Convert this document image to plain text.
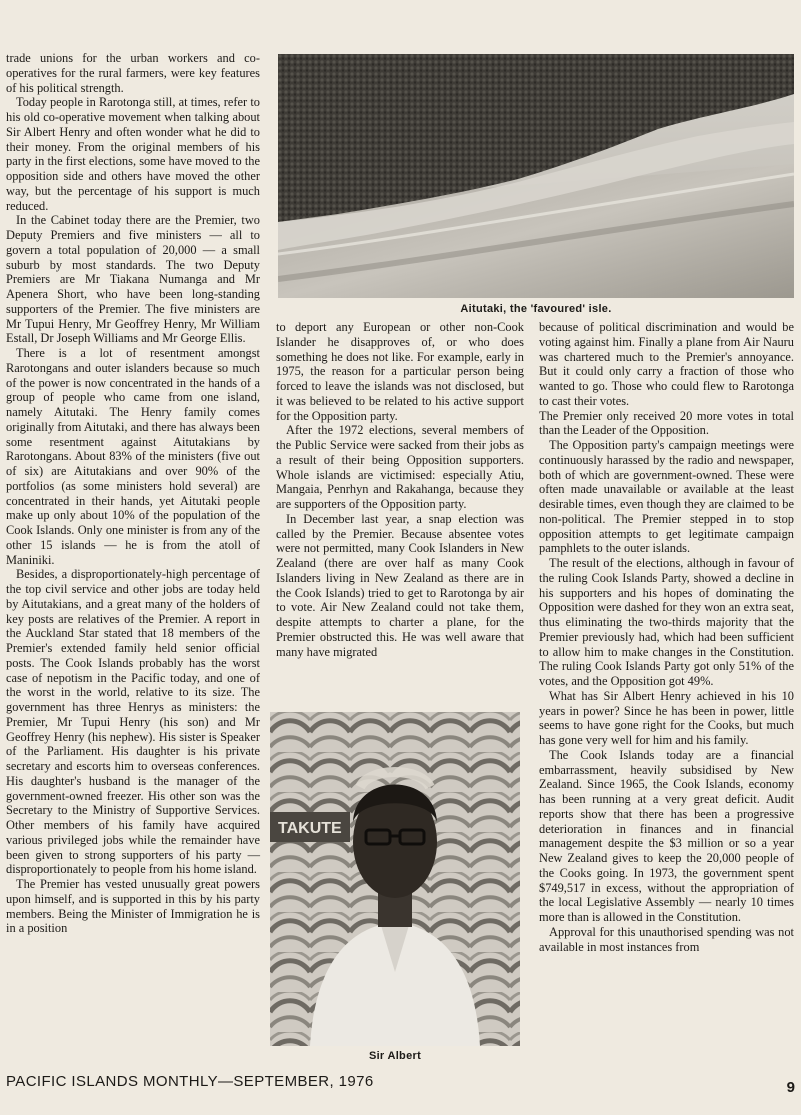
trade unions for the urban workers and co-operatives for the rural farmers, were key features of his political strength.

Today people in Rarotonga still, at times, refer to his old co-operative movement when talking about Sir Albert Henry and often wonder what he did to their money. From the original members of his party in the first elections, some have moved to the opposition side and others have moved the other way, but the percentage of his support is much reduced.

In the Cabinet today there are the Premier, two Deputy Premiers and five ministers — all to govern a total population of 20,000 — a small suburb by most standards. The two Deputy Premiers are Mr Tiakana Numanga and Mr Apenera Short, who have been long-standing supporters of the Premier. The five ministers are Mr Tupui Henry, Mr Geoffrey Henry, Mr William Estall, Dr Joseph Williams and Mr George Ellis.

There is a lot of resentment amongst Rarotongans and outer islanders because so much of the power is now concentrated in the hands of a group of people who came from one island, namely Aitutaki. The Henry family comes originally from Aitutaki, and there has always been some resentment against Aitutakians by Rarotongans. About 83% of the ministers (five out of six) are Aitutakians and over 90% of the portfolios (as some ministers hold several) are concentrated in their hands, yet Aitutaki people make up only about 10% of the population of the Cook Islands. Only one minister is from any of the other 15 islands — he is from the atoll of Maniniki.

Besides, a disproportionately-high percentage of the top civil service and other jobs are today held by Aitutakians, and a great many of the holders of key posts are relatives of the Premier. A report in the Auckland Star stated that 18 members of the Premier's extended family held senior official posts. The Cook Islands probably has the worst case of nepotism in the Pacific today, and one of the worst in the world, relative to its size. The government has three Henrys as ministers: the Premier, Mr Tupui Henry (his son) and Mr Geoffrey Henry (his nephew). His sister is Speaker of the Parliament. His daughter is his private secretary and escorts him to overseas conferences. His daughter's husband is the manager of the government-owned freezer. His other son was the Secretary to the Ministry of Supportive Services. Other members of his family have acquired various privileged jobs while the remainder have been given to strong supporters of his party — disproportionately to people from his home island.

The Premier has vested unusually great powers upon himself, and is supported in this by his party members. Being the Minister of Immigration he is in a position

Aitutaki, the 'favoured' isle.

to deport any European or other non-Cook Islander he disapproves of, or who does something he does not like. For example, early in 1975, the reason for a particular person being forced to leave the islands was not disclosed, but it was believed to be related to his active support for the Opposition party.

After the 1972 elections, several members of the Public Service were sacked from their jobs as a result of their being Opposition supporters. Whole islands are victimised: especially Atiu, Mangaia, Penrhyn and Rakahanga, because they are supporters of the Opposition party.

In December last year, a snap election was called by the Premier. Because absentee votes were not permitted, many Cook Islanders in New Zealand (there are over half as many Cook Islanders living in New Zealand as there are in the Cook Islands) tried to get to Rarotonga by air to vote. Air New Zealand could not take them, despite attempts to charter a plane, for the Premier obstructed this. He was well aware that many have migrated

TAKUTE
Sir Albert

because of political discrimination and would be voting against him. Finally a plane from Air Nauru was chartered much to the Premier's annoyance. But it could only carry a fraction of those who wanted to go. Those who could flew to Rarotonga to cast their votes.

The Premier only received 20 more votes in total than the Leader of the Opposition.

The Opposition party's campaign meetings were continuously harassed by the radio and newspaper, both of which are government-owned. These were often made unavailable or available at the least desirable times, even though they are claimed to be non-political. The Premier stepped in to stop opposition attempts to get legitimate campaign pamphlets to the outer islands.

The result of the elections, although in favour of the ruling Cook Islands Party, showed a decline in his supporters and his hopes of dominating the Opposition were dashed for they won an extra seat, thus eliminating the two-thirds majority that the Premier previously had, which had been sufficient to allow him to make changes in the Constitution. The ruling Cook Islands Party got only 51% of the votes, and the Opposition got 49%.

What has Sir Albert Henry achieved in his 10 years in power? Since he has been in power, little seems to have gone right for the Cooks, but much has gone very well for him and his family.

The Cook Islands today are a financial embarrassment, heavily subsidised by New Zealand. Since 1965, the Cook Islands, economy has been running at a very great deficit. Audit reports show that there has been a progressive deterioration in finances and in financial management despite the $3 million or so a year New Zealand gives to keep the 20,000 people of the Cooks going. In 1973, the government spent $749,517 in excess, without the appropriation of the local Legislative Assembly — nearly 10 times more than is allowed in the Constitution.

Approval for this unauthorised spending was not available in most instances from

PACIFIC ISLANDS MONTHLY—SEPTEMBER, 1976	9
